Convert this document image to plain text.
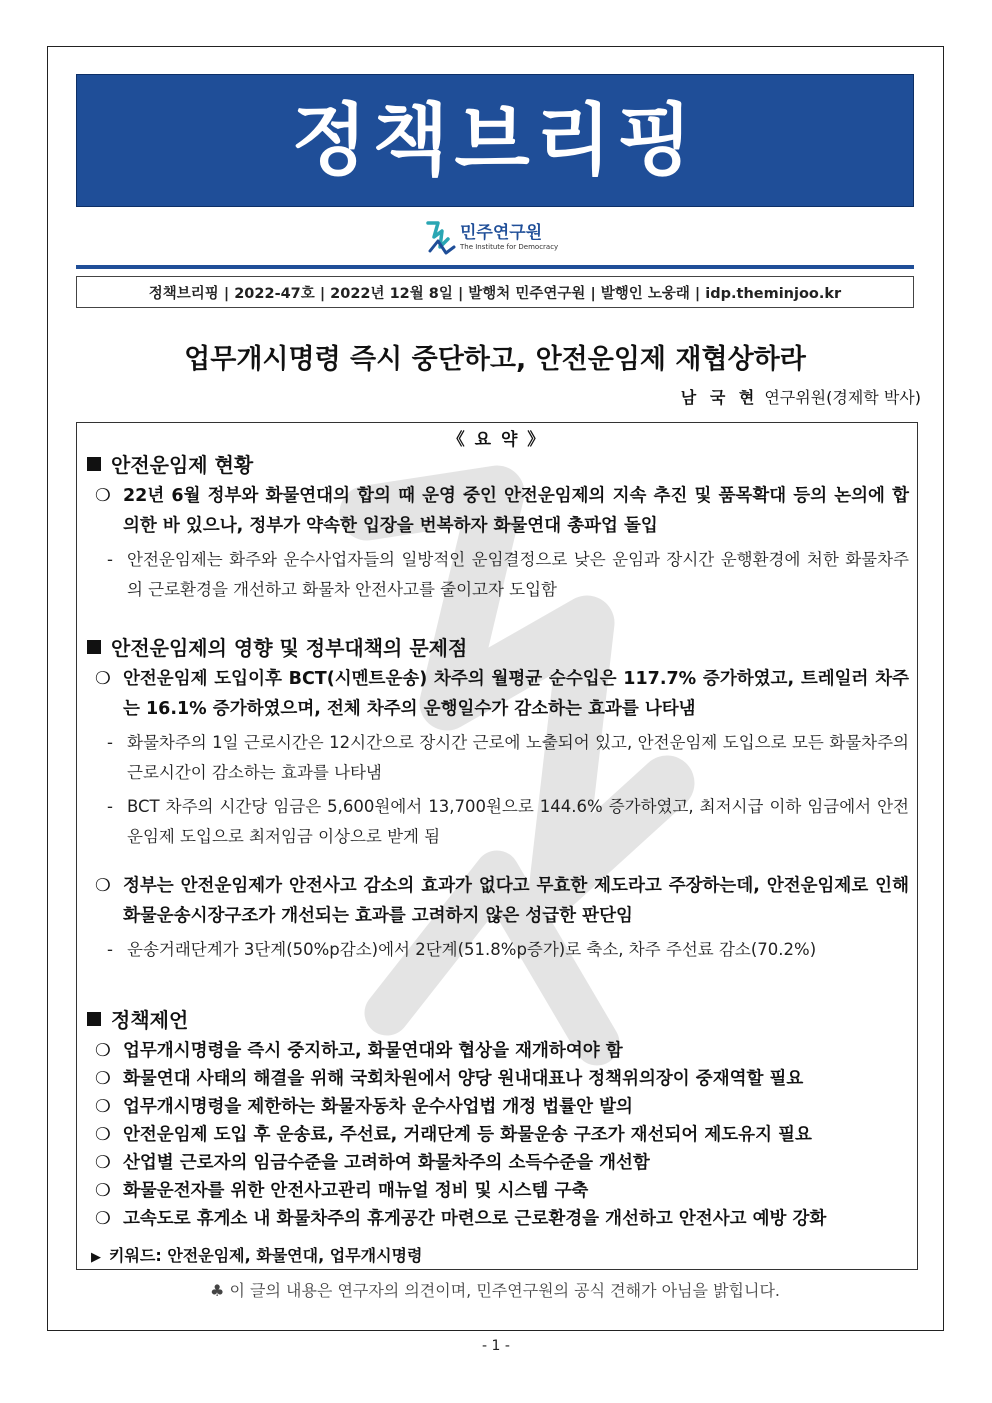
정책브리핑
민주연구원
The Institute for Democracy
정책브리핑 | 2022-47호 | 2022년 12월 8일 | 발행처 민주연구원 | 발행인 노웅래 | idp.theminjoo.kr
업무개시명령 즉시 중단하고, 안전운임제 재협상하라
남 국 현 연구위원(경제학 박사)
《 요 약 》
안전운임제 현황
❍ 22년 6월 정부와 화물연대의 합의 때 운영 중인 안전운임제의 지속 추진 및 품목확대 등의 논의에 합의한 바 있으나, 정부가 약속한 입장을 번복하자 화물연대 총파업 돌입
- 안전운임제는 화주와 운수사업자들의 일방적인 운임결정으로 낮은 운임과 장시간 운행환경에 처한 화물차주의 근로환경을 개선하고 화물차 안전사고를 줄이고자 도입함
안전운임제의 영향 및 정부대책의 문제점
❍ 안전운임제 도입이후 BCT(시멘트운송) 차주의 월평균 순수입은 117.7% 증가하였고, 트레일러 차주는 16.1% 증가하였으며, 전체 차주의 운행일수가 감소하는 효과를 나타냄
- 화물차주의 1일 근로시간은 12시간으로 장시간 근로에 노출되어 있고, 안전운임제 도입으로 모든 화물차주의 근로시간이 감소하는 효과를 나타냄
- BCT 차주의 시간당 임금은 5,600원에서 13,700원으로 144.6% 증가하였고, 최저시급 이하 임금에서 안전운임제 도입으로 최저임금 이상으로 받게 됨
❍ 정부는 안전운임제가 안전사고 감소의 효과가 없다고 무효한 제도라고 주장하는데, 안전운임제로 인해 화물운송시장구조가 개선되는 효과를 고려하지 않은 성급한 판단임
- 운송거래단계가 3단계(50%p감소)에서 2단계(51.8%p증가)로 축소, 차주 주선료 감소(70.2%)
정책제언
❍ 업무개시명령을 즉시 중지하고, 화물연대와 협상을 재개하여야 함
❍ 화물연대 사태의 해결을 위해 국회차원에서 양당 원내대표나 정책위의장이 중재역할 필요
❍ 업무개시명령을 제한하는 화물자동차 운수사업법 개정 법률안 발의
❍ 안전운임제 도입 후 운송료, 주선료, 거래단계 등 화물운송 구조가 재선되어 제도유지 필요
❍ 산업별 근로자의 임금수준을 고려하여 화물차주의 소득수준을 개선함
❍ 화물운전자를 위한 안전사고관리 매뉴얼 정비 및 시스템 구축
❍ 고속도로 휴게소 내 화물차주의 휴게공간 마련으로 근로환경을 개선하고 안전사고 예방 강화
▶ 키워드: 안전운임제, 화물연대, 업무개시명령
♣ 이 글의 내용은 연구자의 의견이며, 민주연구원의 공식 견해가 아님을 밝힙니다.
- 1 -
